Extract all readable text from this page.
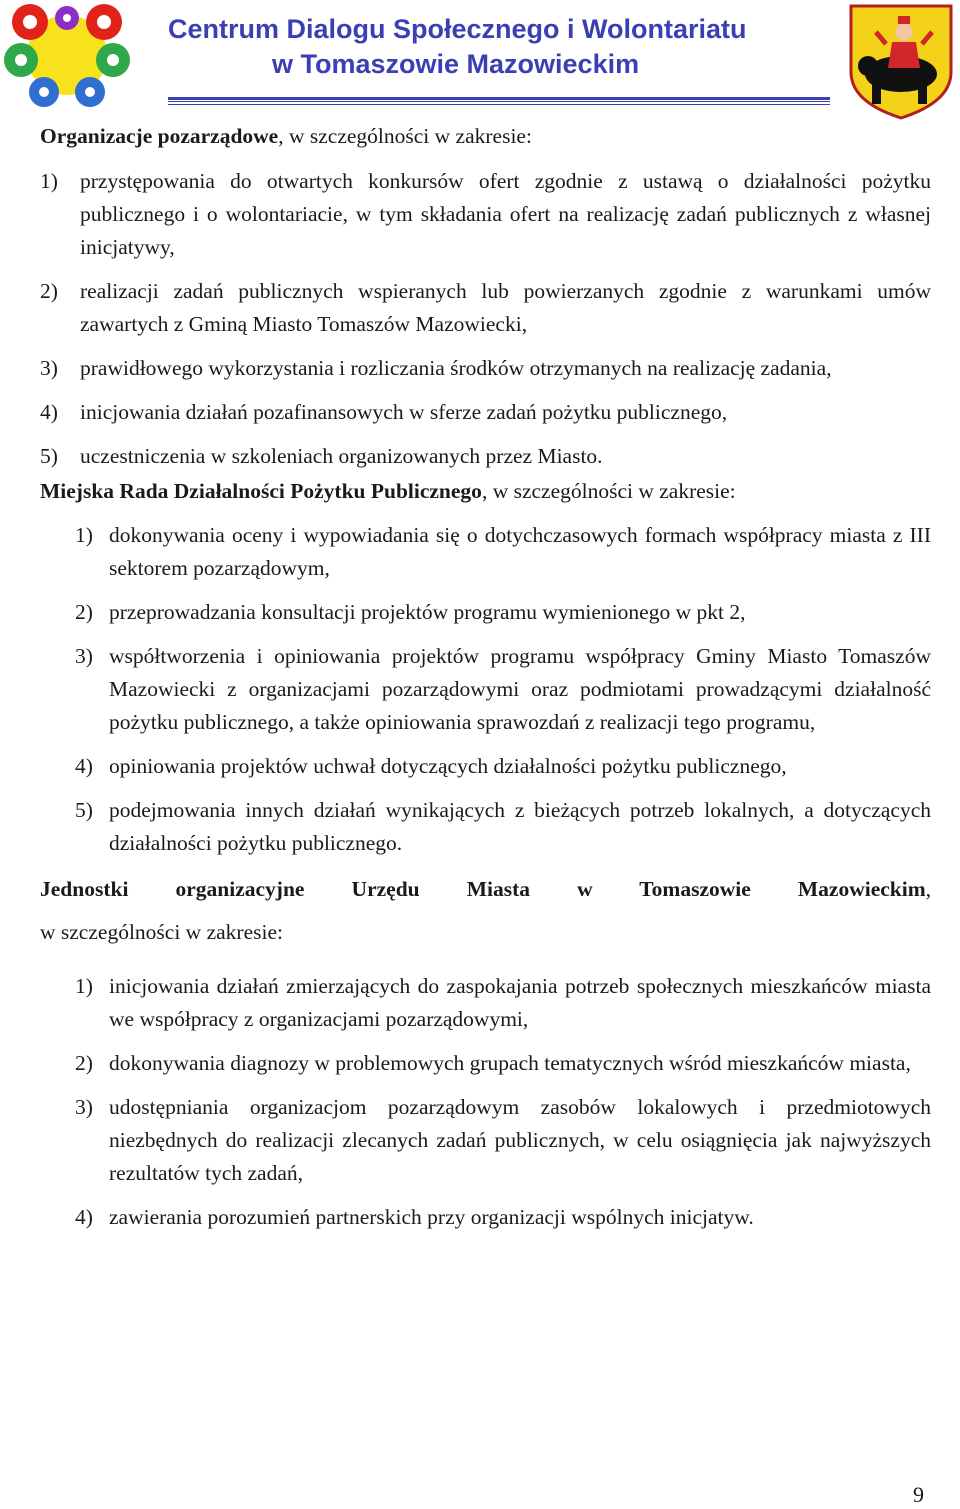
Centrum Dialogu Społecznego i Wolontariatu
w Tomaszowie Mazowieckim

Organizacje pozarządowe, w szczególności w zakresie:

1) przystępowania do otwartych konkursów ofert zgodnie z ustawą o działalności pożytku publicznego i o wolontariacie, w tym składania ofert na realizację zadań publicznych z własnej inicjatywy,
2) realizacji zadań publicznych wspieranych lub powierzanych zgodnie z warunkami umów zawartych z Gminą Miasto Tomaszów Mazowiecki,
3) prawidłowego wykorzystania i rozliczania środków otrzymanych na realizację zadania,
4) inicjowania działań pozafinansowych w sferze zadań pożytku publicznego,
5) uczestniczenia w szkoleniach organizowanych przez Miasto.

Miejska Rada Działalności Pożytku Publicznego, w szczególności w zakresie:

1) dokonywania oceny i wypowiadania się o dotychczasowych formach współpracy miasta z III sektorem pozarządowym,
2) przeprowadzania konsultacji projektów programu wymienionego w pkt 2,
3) współtworzenia i opiniowania projektów programu współpracy Gminy Miasto Tomaszów Mazowiecki z organizacjami pozarządowymi oraz podmiotami prowadzącymi działalność pożytku publicznego, a także opiniowania sprawozdań z realizacji tego programu,
4) opiniowania projektów uchwał dotyczących działalności pożytku publicznego,
5) podejmowania innych działań wynikających z bieżących potrzeb lokalnych, a dotyczących działalności pożytku publicznego.

Jednostki organizacyjne Urzędu Miasta w Tomaszowie Mazowieckim,

w szczególności w zakresie:

1) inicjowania działań zmierzających do zaspokajania potrzeb społecznych mieszkańców miasta we współpracy z organizacjami pozarządowymi,
2) dokonywania diagnozy w problemowych grupach tematycznych wśród mieszkańców miasta,
3) udostępniania organizacjom pozarządowym zasobów lokalowych i przedmiotowych niezbędnych do realizacji zlecanych zadań publicznych, w celu osiągnięcia jak najwyższych rezultatów tych zadań,
4) zawierania porozumień partnerskich przy organizacji wspólnych inicjatyw.
9
